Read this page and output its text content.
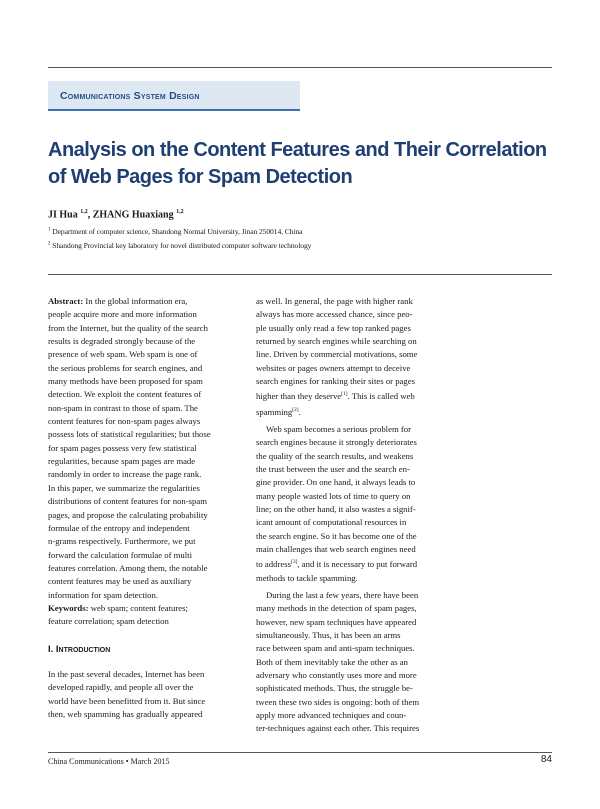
Communications System Design
Analysis on the Content Features and Their Correlation
of Web Pages for Spam Detection
JI Hua $^{1,2}$, ZHANG Huaxiang $^{1,2}$
$^1$ Department of computer science, Shandong Normal University, Jinan 250014, China
$^2$ Shandong Provincial key laboratory for novel distributed computer software technology
Abstract: In the global information era,
people acquire more and more information
from the Internet, but the quality of the search
results is degraded strongly because of the
presence of web spam. Web spam is one of
the serious problems for search engines, and
many methods have been proposed for spam
detection. We exploit the content features of
non-spam in contrast to those of spam. The
content features for non-spam pages always
possess lots of statistical regularities; but those
for spam pages possess very few statistical
regularities, because spam pages are made
randomly in order to increase the page rank.
In this paper, we summarize the regularities
distributions of content features for non-spam
pages, and propose the calculating probability
formulae of the entropy and independent
n-grams respectively. Furthermore, we put
forward the calculation formulae of multi
features correlation. Among them, the notable
content features may be used as auxiliary
information for spam detection.
Keywords: web spam; content features;
feature correlation; spam detection
I. Introduction
In the past several decades, Internet has been
developed rapidly, and people all over the
world have been benefitted from it. But since
then, web spamming has gradually appeared
as well. In general, the page with higher rank
always has more accessed chance, since peo-
ple usually only read a few top ranked pages
returned by search engines while searching on
line. Driven by commercial motivations, some
websites or pages owners attempt to deceive
search engines for ranking their sites or pages
higher than they deserve[1]. This is called web
spamming[2].
Web spam becomes a serious problem for
search engines because it strongly deteriorates
the quality of the search results, and weakens
the trust between the user and the search en-
gine provider. On one hand, it always leads to
many people wasted lots of time to query on
line; on the other hand, it also wastes a signif-
icant amount of computational resources in
the search engine. So it has become one of the
main challenges that web search engines need
to address[3], and it is necessary to put forward
methods to tackle spamming.
During the last a few years, there have been
many methods in the detection of spam pages,
however, new spam techniques have appeared
simultaneously. Thus, it has been an arms
race between spam and anti-spam techniques.
Both of them inevitably take the other as an
adversary who constantly uses more and more
sophisticated methods. Thus, the struggle be-
tween these two sides is ongoing: both of them
apply more advanced techniques and coun-
ter-techniques against each other. This requires
China Communications • March 2015	84
